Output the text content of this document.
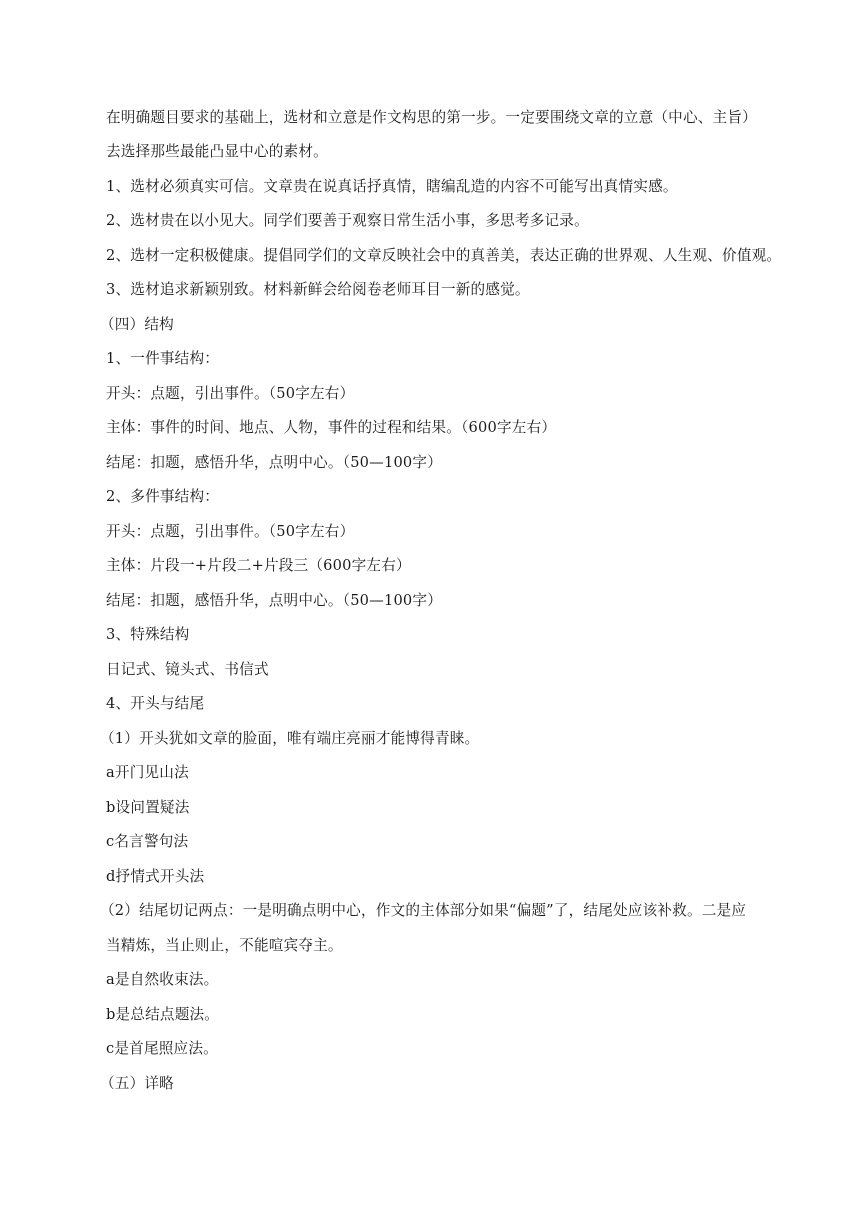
在明确题目要求的基础上，选材和立意是作文构思的第一步。一定要围绕文章的立意（中心、主旨）

去选择那些最能凸显中心的素材。

1、选材必须真实可信。文章贵在说真话抒真情，瞎编乱造的内容不可能写出真情实感。

2、选材贵在以小见大。同学们要善于观察日常生活小事，多思考多记录。

2、选材一定积极健康。提倡同学们的文章反映社会中的真善美，表达正确的世界观、人生观、价值观。

3、选材追求新颖别致。材料新鲜会给阅卷老师耳目一新的感觉。

（四）结构

1、一件事结构：

开头：点题，引出事件。（50字左右）

主体：事件的时间、地点、人物，事件的过程和结果。（600字左右）

结尾：扣题，感悟升华，点明中心。（50—100字）

2、多件事结构：

开头：点题，引出事件。（50字左右）

主体：片段一+片段二+片段三（600字左右）

结尾：扣题，感悟升华，点明中心。（50—100字）

3、特殊结构

日记式、镜头式、书信式

4、开头与结尾

（1）开头犹如文章的脸面，唯有端庄亮丽才能博得青睐。

a开门见山法

b设问置疑法

c名言警句法

d抒情式开头法

（2）结尾切记两点：一是明确点明中心，作文的主体部分如果“偏题”了，结尾处应该补救。二是应

当精炼，当止则止，不能喧宾夺主。

a是自然收束法。

b是总结点题法。

c是首尾照应法。

（五）详略
